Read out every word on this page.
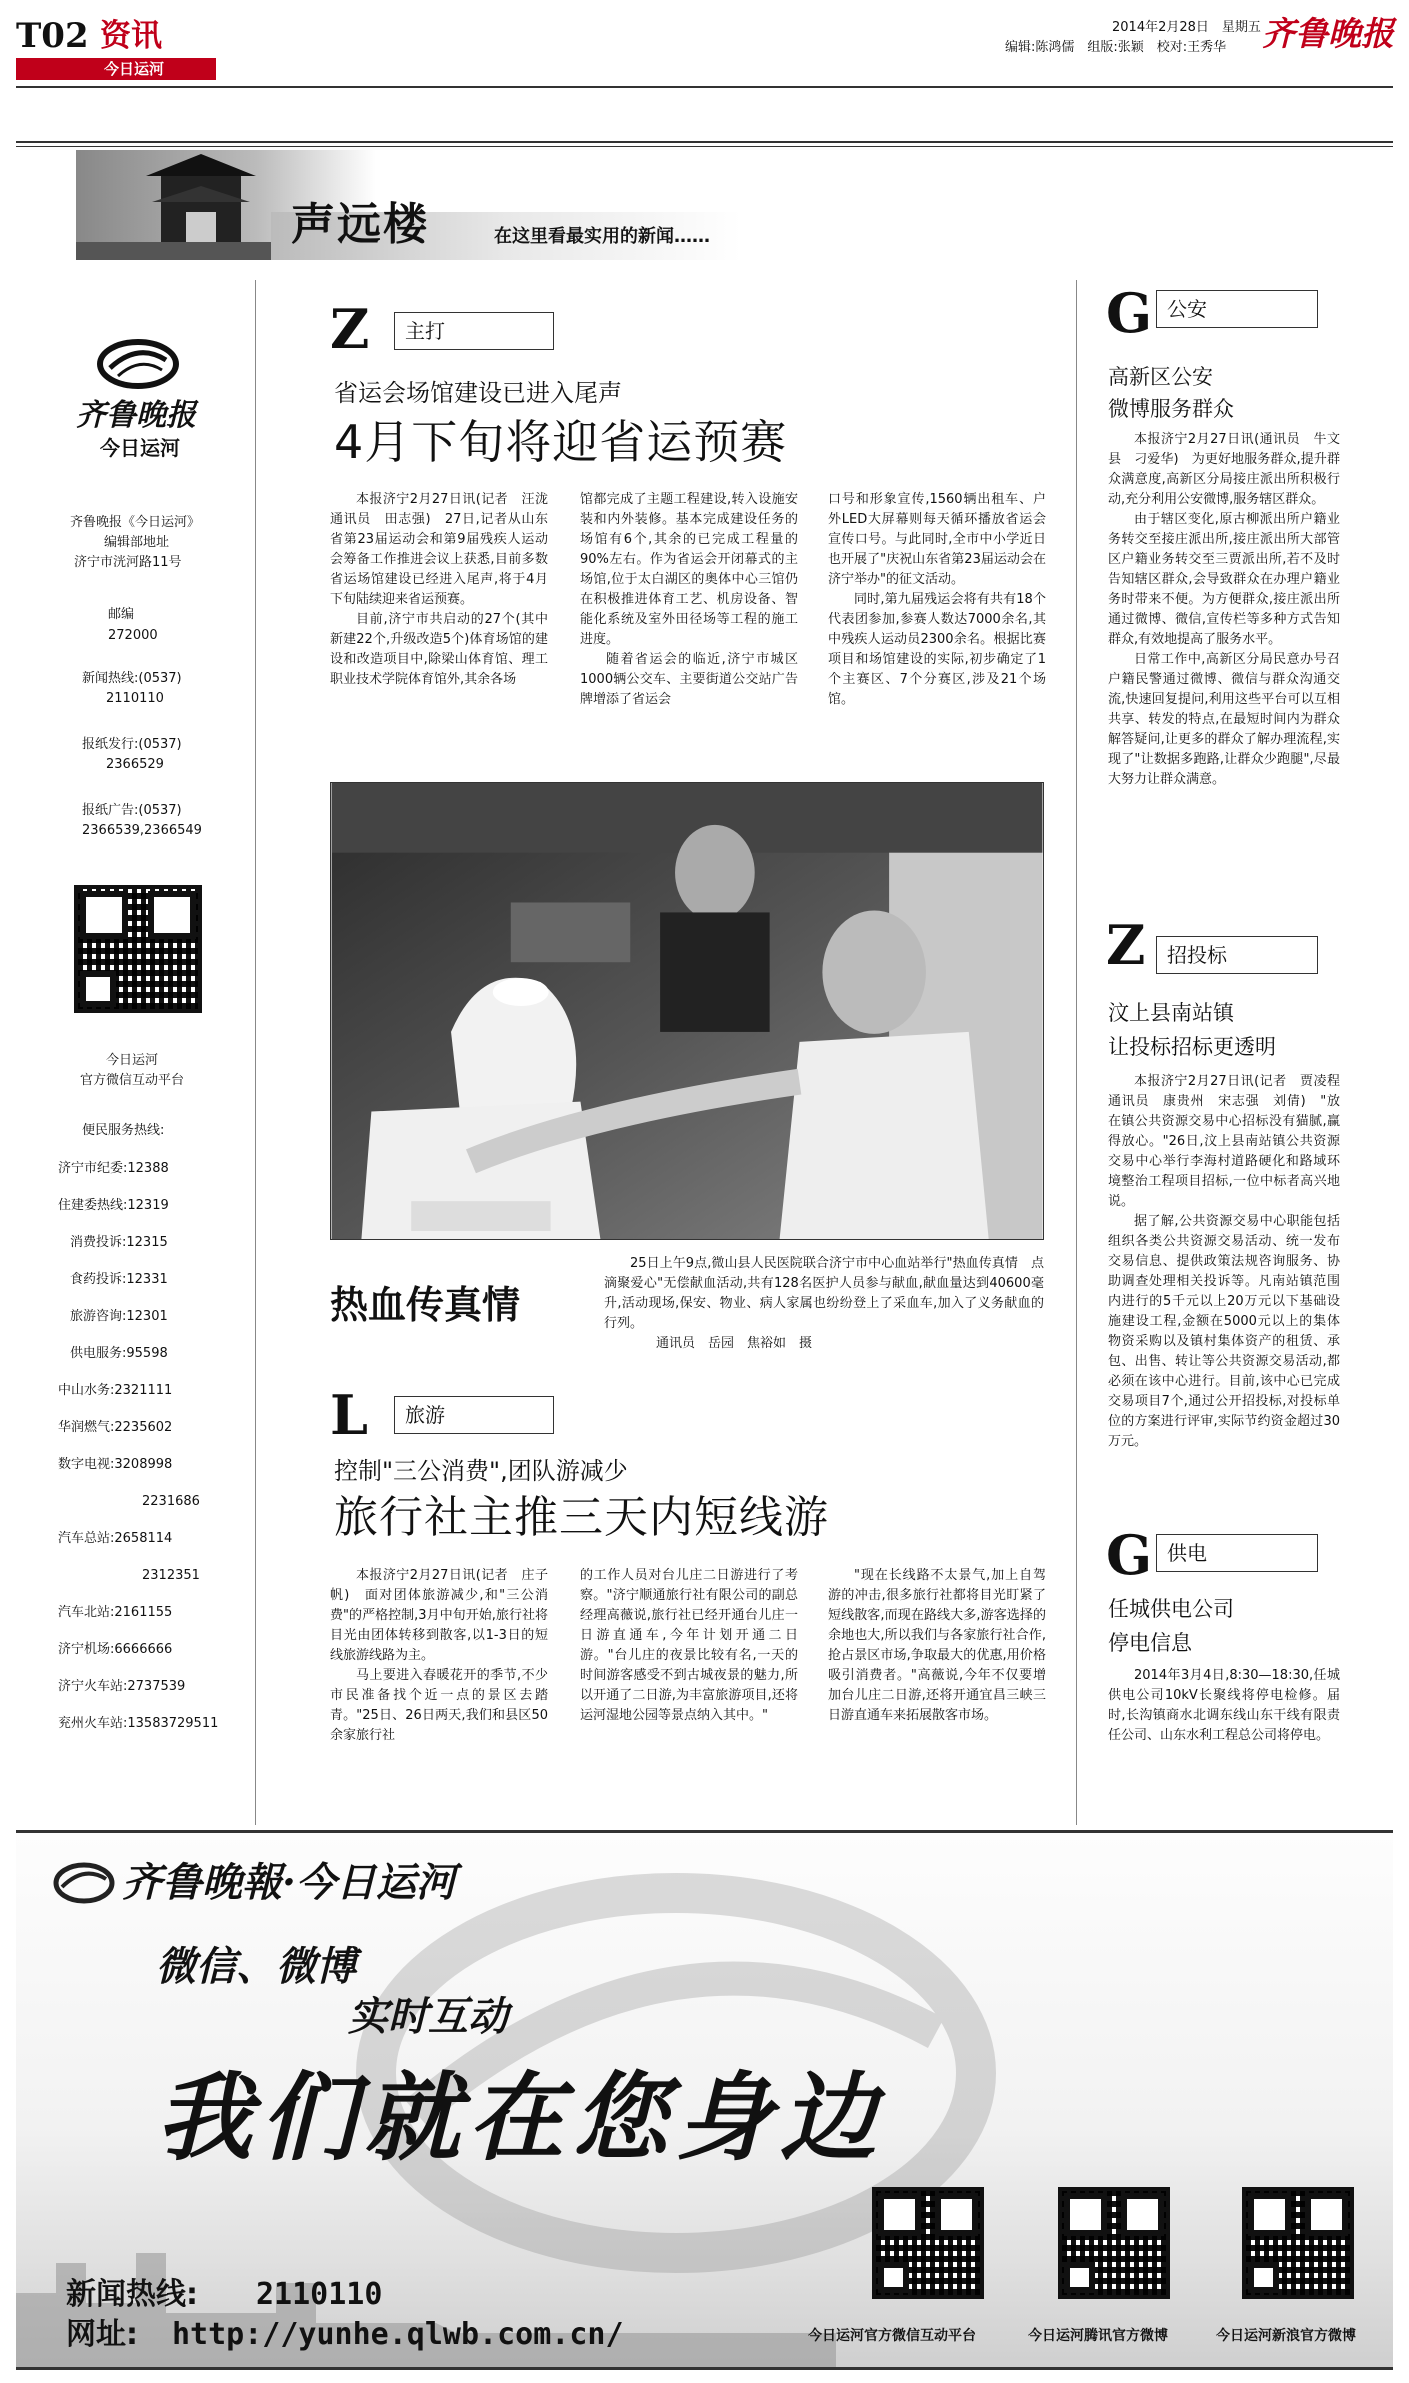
T02 资讯
今日运河
2014年2月28日　星期五
编辑:陈鸿儒　组版:张颖　校对:王秀华 齐鲁晚报
声远楼	在这里看最实用的新闻……
齐鲁晚报
今日运河
齐鲁晚报《今日运河》
编辑部地址
济宁市洸河路11号
邮编
272000
新闻热线:(0537)
2110110
报纸发行:(0537)
2366529
报纸广告:(0537)
2366539,2366549
今日运河
官方微信互动平台
便民服务热线:
济宁市纪委:12388
住建委热线:12319
消费投诉:12315
食药投诉:12331
旅游咨询:12301
供电服务:95598
中山水务:2321111
华润燃气:2235602
数字电视:3208998
2231686
汽车总站:2658114
2312351
汽车北站:2161155
济宁机场:6666666
济宁火车站:2737539
兖州火车站:13583729511
Z	主打
省运会场馆建设已进入尾声
4月下旬将迎省运预赛

本报济宁2月27日讯(记者　汪泷　通讯员　田志强)　27日,记者从山东省第23届运动会和第9届残疾人运动会筹备工作推进会议上获悉,目前多数省运场馆建设已经进入尾声,将于4月下旬陆续迎来省运预赛。

目前,济宁市共启动的27个(其中新建22个,升级改造5个)体育场馆的建设和改造项目中,除梁山体育馆、理工职业技术学院体育馆外,其余各场

馆都完成了主题工程建设,转入设施安装和内外装修。基本完成建设任务的场馆有6个,其余的已完成工程量的90%左右。作为省运会开闭幕式的主场馆,位于太白湖区的奥体中心三馆仍在积极推进体育工艺、机房设备、智能化系统及室外田径场等工程的施工进度。

随着省运会的临近,济宁市城区1000辆公交车、主要街道公交站广告牌增添了省运会

口号和形象宣传,1560辆出租车、户外LED大屏幕则每天循环播放省运会宣传口号。与此同时,全市中小学近日也开展了"庆祝山东省第23届运动会在济宁举办"的征文活动。

同时,第九届残运会将有共有18个代表团参加,参赛人数达7000余名,其中残疾人运动员2300余名。根据比赛项目和场馆建设的实际,初步确定了1个主赛区、7个分赛区,涉及21个场馆。

热血传真情

25日上午9点,微山县人民医院联合济宁市中心血站举行"热血传真情　点滴聚爱心"无偿献血活动,共有128名医护人员参与献血,献血量达到40600毫升,活动现场,保安、物业、病人家属也纷纷登上了采血车,加入了义务献血的行列。

通讯员　岳园　焦裕如　摄

L	旅游
控制"三公消费",团队游减少
旅行社主推三天内短线游

本报济宁2月27日讯(记者　庄子帆)　面对团体旅游减少,和"三公消费"的严格控制,3月中旬开始,旅行社将目光由团体转移到散客,以1-3日的短线旅游线路为主。

马上要进入春暖花开的季节,不少市民准备找个近一点的景区去踏青。"25日、26日两天,我们和县区50余家旅行社

的工作人员对台儿庄二日游进行了考察。"济宁顺通旅行社有限公司的副总经理高薇说,旅行社已经开通台儿庄一日游直通车,今年计划开通二日游。"台儿庄的夜景比较有名,一天的时间游客感受不到古城夜景的魅力,所以开通了二日游,为丰富旅游项目,还将运河湿地公园等景点纳入其中。"

"现在长线路不太景气,加上自驾游的冲击,很多旅行社都将目光盯紧了短线散客,而现在路线大多,游客选择的余地也大,所以我们与各家旅行社合作,抢占景区市场,争取最大的优惠,用价格吸引消费者。"高薇说,今年不仅要增加台儿庄二日游,还将开通宜昌三峡三日游直通车来拓展散客市场。

G 公安
高新区公安
微博服务群众

本报济宁2月27日讯(通讯员　牛文县　刁爱华)　为更好地服务群众,提升群众满意度,高新区分局接庄派出所积极行动,充分利用公安微博,服务辖区群众。

由于辖区变化,原古柳派出所户籍业务转交至接庄派出所,接庄派出所大部管区户籍业务转交至三贾派出所,若不及时告知辖区群众,会导致群众在办理户籍业务时带来不便。为方便群众,接庄派出所通过微博、微信,宣传栏等多种方式告知群众,有效地提高了服务水平。

日常工作中,高新区分局民意办号召户籍民警通过微博、微信与群众沟通交流,快速回复提问,利用这些平台可以互相共享、转发的特点,在最短时间内为群众解答疑问,让更多的群众了解办理流程,实现了"让数据多跑路,让群众少跑腿",尽最大努力让群众满意。

Z	招投标
汶上县南站镇
让投标招标更透明

本报济宁2月27日讯(记者　贾凌程　通讯员　康贵州　宋志强　刘倩)　"放在镇公共资源交易中心招标没有猫腻,赢得放心。"26日,汶上县南站镇公共资源交易中心举行李海村道路硬化和路域环境整治工程项目招标,一位中标者高兴地说。

据了解,公共资源交易中心职能包括组织各类公共资源交易活动、统一发布交易信息、提供政策法规咨询服务、协助调查处理相关投诉等。凡南站镇范围内进行的5千元以上20万元以下基础设施建设工程,金额在5000元以上的集体物资采购以及镇村集体资产的租赁、承包、出售、转让等公共资源交易活动,都必须在该中心进行。目前,该中心已完成交易项目7个,通过公开招投标,对投标单位的方案进行评审,实际节约资金超过30万元。

G 供电
任城供电公司
停电信息

2014年3月4日,8:30—18:30,任城供电公司10kV长聚线将停电检修。届时,长沟镇商水北调东线山东干线有限责任公司、山东水利工程总公司将停电。

齐鲁晚報·今日运河
微信、微博
实时互动
我们就在您身边
新闻热线: 2110110
网址: http://yunhe.qlwb.com.cn/	今日运河官方微信互动平台	今日运河腾讯官方微博	今日运河新浪官方微博
